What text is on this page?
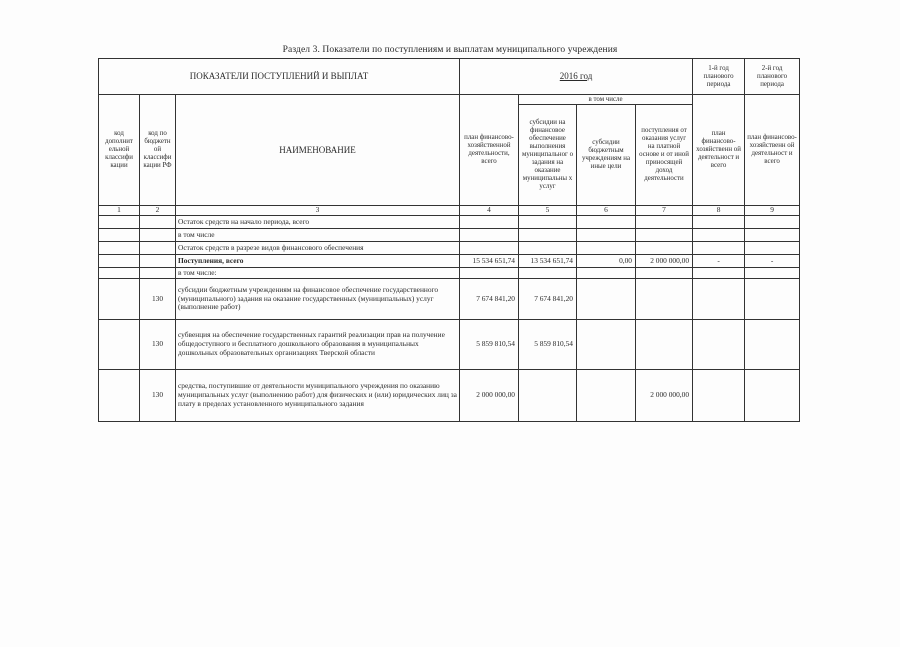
Раздел 3. Показатели по поступлениям и выплатам муниципального учреждения
ПОКАЗАТЕЛИ ПОСТУПЛЕНИЙ И ВЫПЛАТ			2016 год				1-й год планового периода	2-й год планового периода
код дополнит ельной классифи кации	код по бюджетн ой классифи кации РФ	НАИМЕНОВАНИЕ	план финансово-хозяйственной деятельности, всего	в том числе			план финансово-хозяйственн ой деятельност и всего	план финансово-хозяйственн ой деятельност и всего
				субсидии на финансовое обеспечение выполнения муниципальног о задания на оказание муниципальны х услуг	субсидии бюджетным учреждениям на иные цели	поступления от оказания услуг на платной основе и от иной приносящей доход деятельности		
1	2	3	4	5	6	7	8	9
		Остаток средств на начало периода, всего						
		в том числе						
		Остаток средств в разрезе видов финансового обеспечения						
		Поступления, всего	15 534 651,74	13 534 651,74	0,00	2 000 000,00	-	-
		в том числе:						
	130	субсидии бюджетным учреждениям на финансовое обеспечение государственного (муниципального) задания на оказание государственных (муниципальных) услуг (выполнение работ)	7 674 841,20	7 674 841,20				
	130	субвенция на обеспечение государственных гарантий реализации прав на получение общедоступного и бесплатного дошкольного образования в муниципальных дошкольных образовательных организациях Тверской области	5 859 810,54	5 859 810,54				
	130	средства, поступившие от деятельности муниципального учреждения по оказанию муниципальных услуг (выполнению работ) для физических и (или) юридических лиц за плату в пределах установленного муниципального задания	2 000 000,00			2 000 000,00		
